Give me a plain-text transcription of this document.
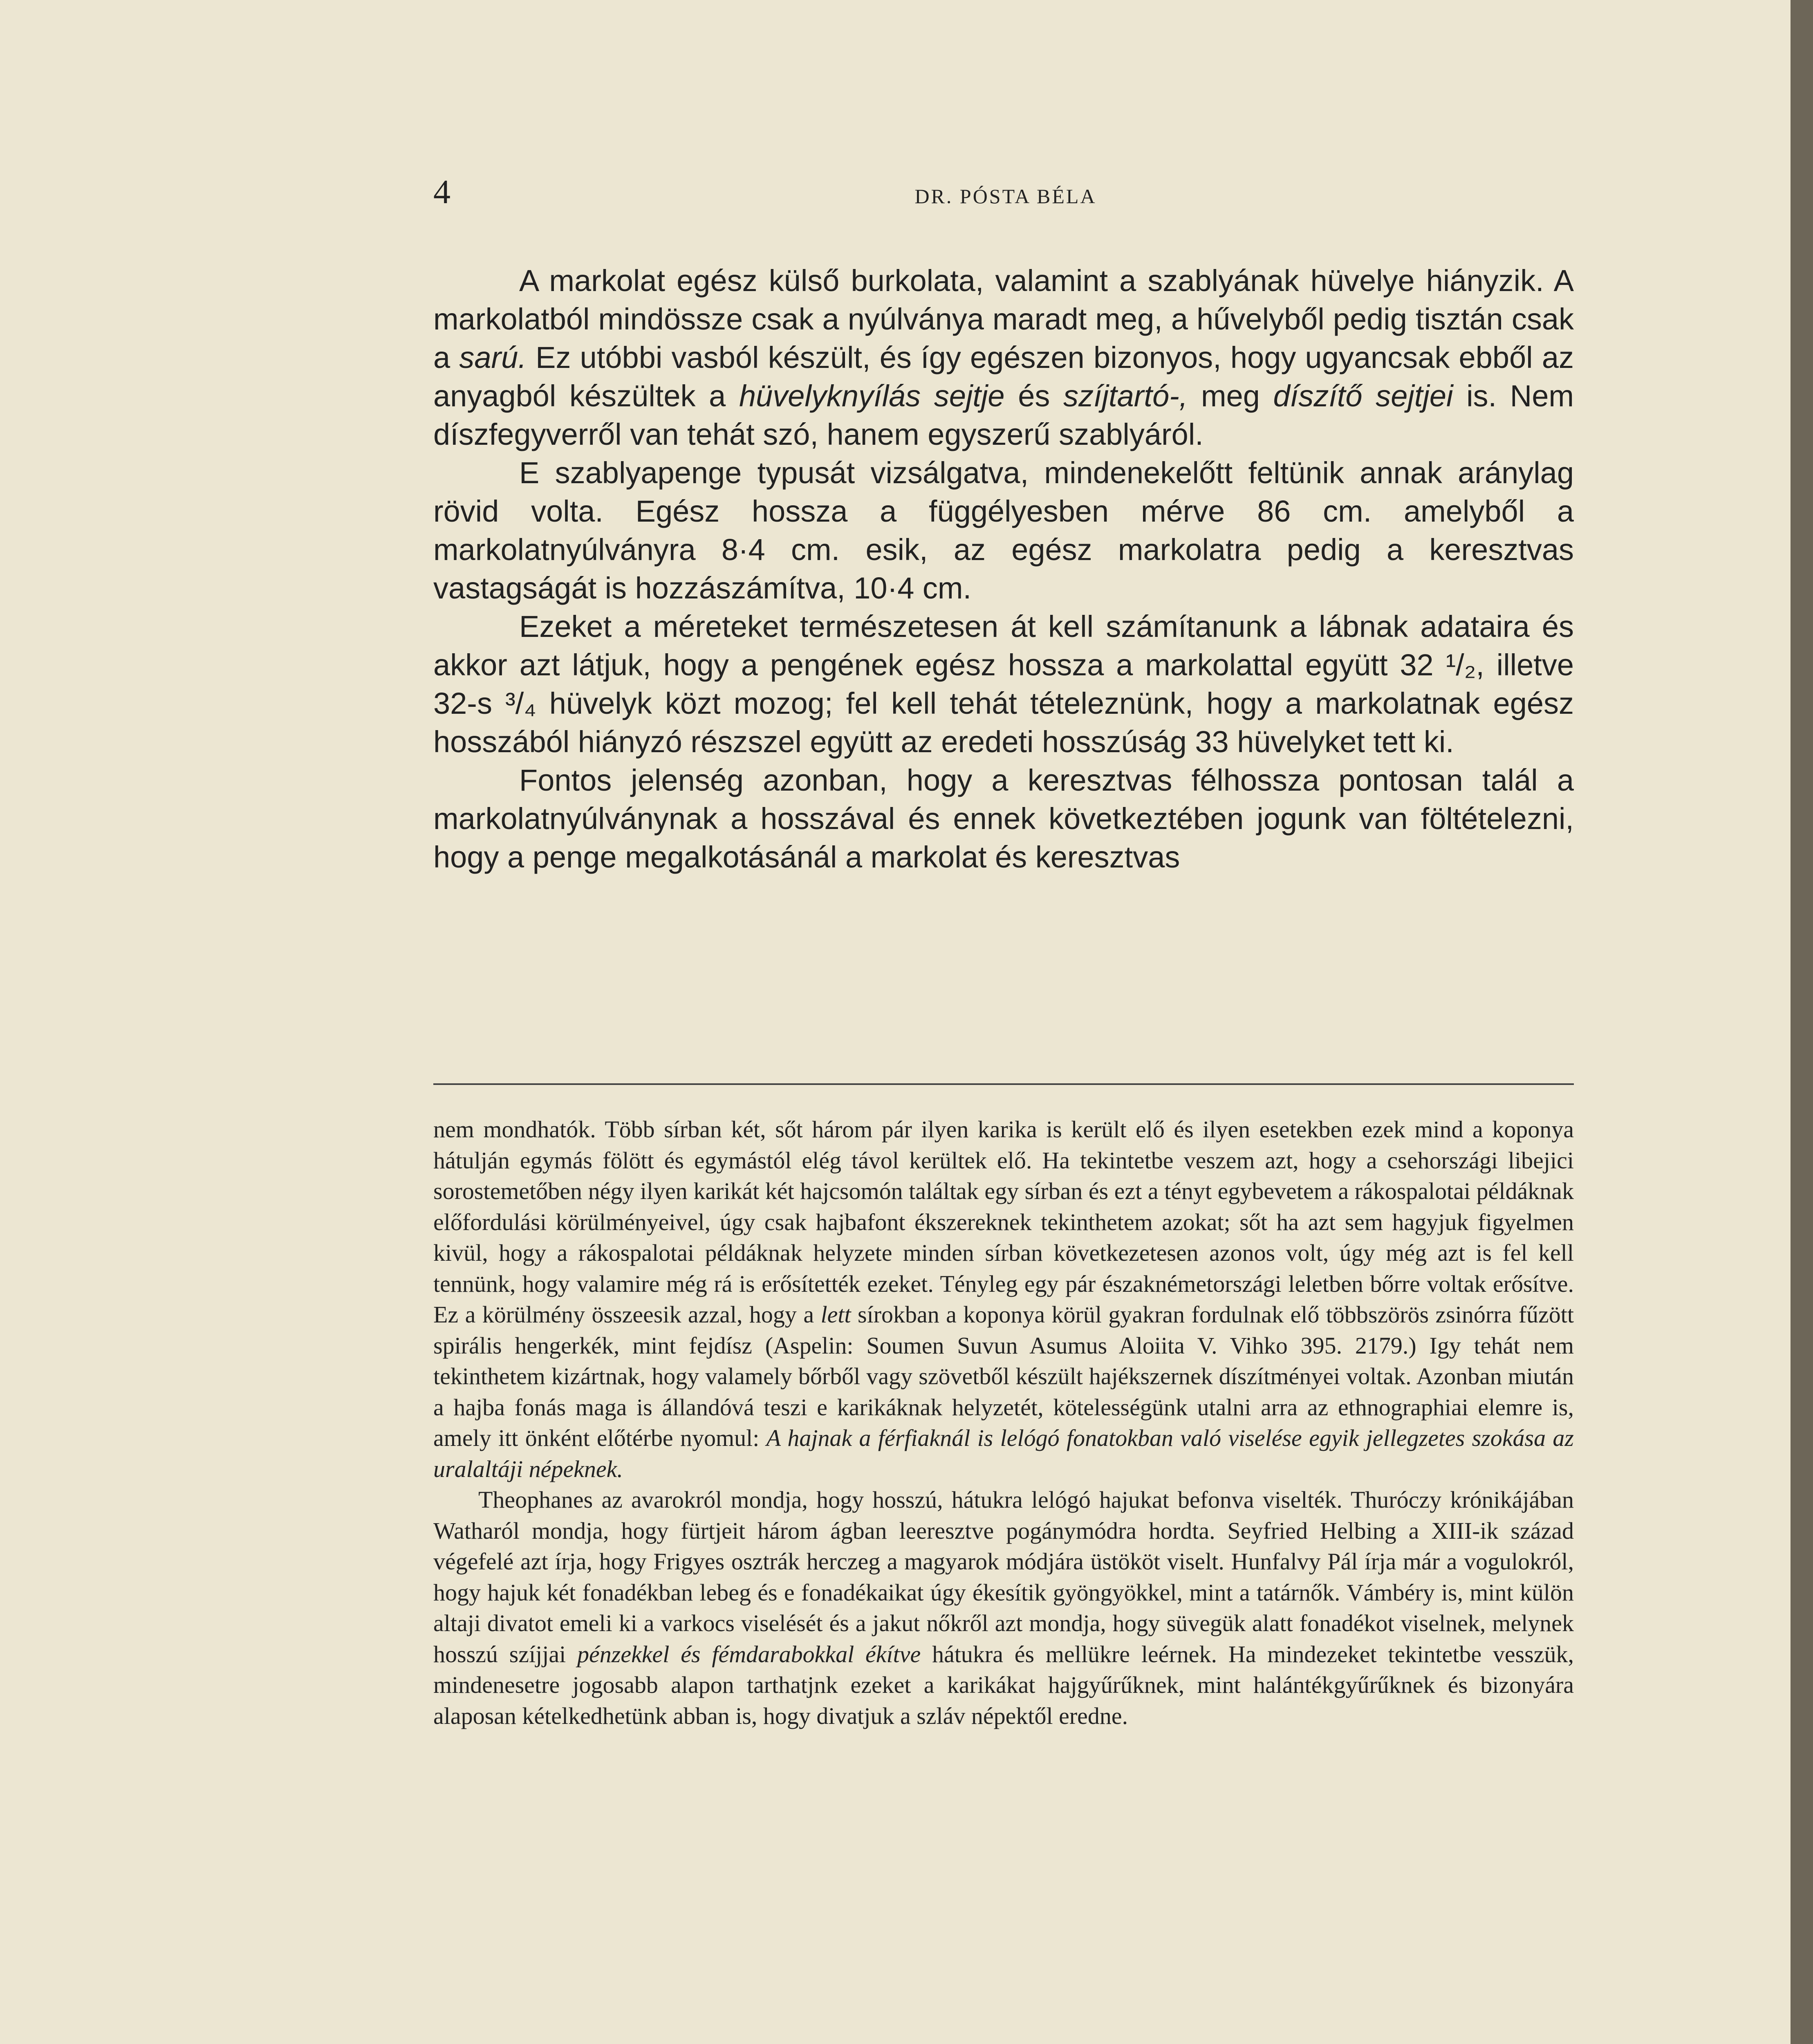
4	DR. PÓSTA BÉLA

A markolat egész külső burkolata, valamint a szablyának hüvelye hiányzik. A markolatból mindössze csak a nyúlványa maradt meg, a hűvelyből pedig tisztán csak a sarú. Ez utóbbi vasból készült, és így egészen bizonyos, hogy ugyancsak ebből az anyagból készültek a hüvelyknyílás sejtje és szíjtartó-, meg díszítő sejtjei is. Nem díszfegyverről van tehát szó, hanem egyszerű szablyáról.

E szablyapenge typusát vizsálgatva, mindenekelőtt feltünik annak aránylag rövid volta. Egész hossza a függélyesben mérve 86 cm. amelyből a markolatnyúlványra 8·4 cm. esik, az egész markolatra pedig a keresztvas vastagságát is hozzászámítva, 10·4 cm.

Ezeket a méreteket természetesen át kell számítanunk a lábnak adataira és akkor azt látjuk, hogy a pengének egész hossza a markolattal együtt 32 ¹/₂, illetve 32-s ³/₄ hüvelyk közt mozog; fel kell tehát tételeznünk, hogy a markolatnak egész hosszából hiányzó részszel együtt az eredeti hosszúság 33 hüvelyket tett ki.

Fontos jelenség azonban, hogy a keresztvas félhossza pontosan talál a markolatnyúlványnak a hosszával és ennek következtében jogunk van föltételezni, hogy a penge megalkotásánál a markolat és keresztvas

nem mondhatók. Több sírban két, sőt három pár ilyen karika is került elő és ilyen esetekben ezek mind a koponya hátulján egymás fölött és egymástól elég távol kerültek elő. Ha tekintetbe veszem azt, hogy a csehországi libejici sorostemetőben négy ilyen karikát két hajcsomón találtak egy sírban és ezt a tényt egybevetem a rákospalotai példáknak előfordulási körülményeivel, úgy csak hajbafont ékszereknek tekinthetem azokat; sőt ha azt sem hagyjuk figyelmen kivül, hogy a rákospalotai példáknak helyzete minden sírban következetesen azonos volt, úgy még azt is fel kell tennünk, hogy valamire még rá is erősítették ezeket. Tényleg egy pár északnémetországi leletben bőrre voltak erősítve. Ez a körülmény összeesik azzal, hogy a lett sírokban a koponya körül gyakran fordulnak elő többszörös zsinórra fűzött spirális hengerkék, mint fejdísz (Aspelin: Soumen Suvun Asumus Aloiita V. Vihko 395. 2179.) Igy tehát nem tekinthetem kizártnak, hogy valamely bőrből vagy szövetből készült hajékszernek díszítményei voltak. Azonban miután a hajba fonás maga is állandóvá teszi e karikáknak helyzetét, kötelességünk utalni arra az ethnographiai elemre is, amely itt önként előtérbe nyomul: A hajnak a férfiaknál is lelógó fonatokban való viselése egyik jellegzetes szokása az uralaltáji népeknek.

Theophanes az avarokról mondja, hogy hosszú, hátukra lelógó hajukat befonva viselték. Thuróczy krónikájában Watharól mondja, hogy fürtjeit három ágban leeresztve pogánymódra hordta. Seyfried Helbing a XIII-ik század végefelé azt írja, hogy Frigyes osztrák herczeg a magyarok módjára üstököt viselt. Hunfalvy Pál írja már a vogulokról, hogy hajuk két fonadékban lebeg és e fonadékaikat úgy ékesítik gyöngyökkel, mint a tatárnők. Vámbéry is, mint külön altaji divatot emeli ki a varkocs viselését és a jakut nőkről azt mondja, hogy süvegük alatt fonadékot viselnek, melynek hosszú szíjjai pénzekkel és fémdarabokkal ékítve hátukra és mellükre leérnek. Ha mindezeket tekintetbe vesszük, mindenesetre jogosabb alapon tarthatjnk ezeket a karikákat hajgyűrűknek, mint halántékgyűrűknek és bizonyára alaposan kételkedhetünk abban is, hogy divatjuk a szláv népektől eredne.
